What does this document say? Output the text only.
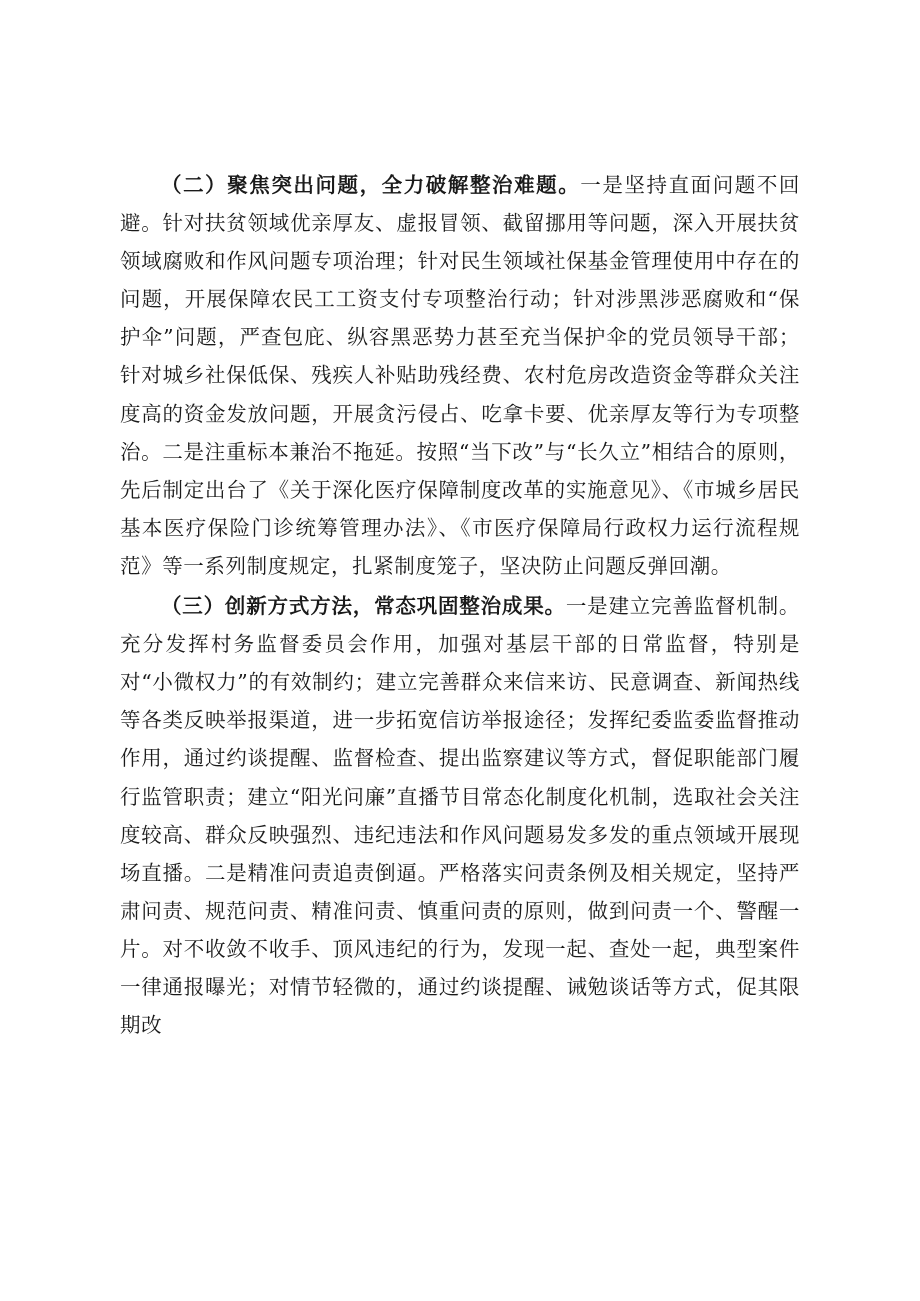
（二）聚焦突出问题，全力破解整治难题。一是坚持直面问题不回避。针对扶贫领域优亲厚友、虚报冒领、截留挪用等问题，深入开展扶贫领域腐败和作风问题专项治理；针对民生领域社保基金管理使用中存在的问题，开展保障农民工工资支付专项整治行动；针对涉黑涉恶腐败和“保护伞”问题，严查包庇、纵容黑恶势力甚至充当保护伞的党员领导干部；针对城乡社保低保、残疾人补贴助残经费、农村危房改造资金等群众关注度高的资金发放问题，开展贪污侵占、吃拿卡要、优亲厚友等行为专项整治。二是注重标本兼治不拖延。按照“当下改”与“长久立”相结合的原则，先后制定出台了《关于深化医疗保障制度改革的实施意见》、《市城乡居民基本医疗保险门诊统筹管理办法》、《市医疗保障局行政权力运行流程规范》等一系列制度规定，扎紧制度笼子，坚决防止问题反弹回潮。

（三）创新方式方法，常态巩固整治成果。一是建立完善监督机制。充分发挥村务监督委员会作用，加强对基层干部的日常监督，特别是对“小微权力”的有效制约；建立完善群众来信来访、民意调查、新闻热线等各类反映举报渠道，进一步拓宽信访举报途径；发挥纪委监委监督推动作用，通过约谈提醒、监督检查、提出监察建议等方式，督促职能部门履行监管职责；建立“阳光问廉”直播节目常态化制度化机制，选取社会关注度较高、群众反映强烈、违纪违法和作风问题易发多发的重点领域开展现场直播。二是精准问责追责倒逼。严格落实问责条例及相关规定，坚持严肃问责、规范问责、精准问责、慎重问责的原则，做到问责一个、警醒一片。对不收敛不收手、顶风违纪的行为，发现一起、查处一起，典型案件一律通报曝光；对情节轻微的，通过约谈提醒、诫勉谈话等方式，促其限期改
